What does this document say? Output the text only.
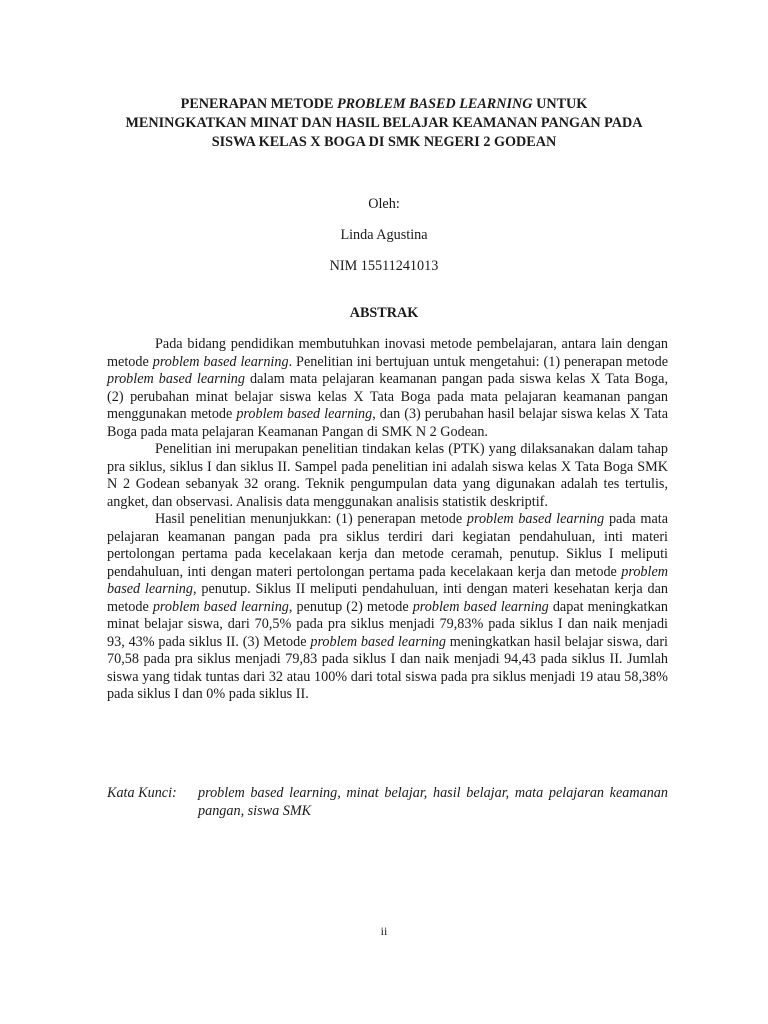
PENERAPAN METODE PROBLEM BASED LEARNING UNTUK
MENINGKATKAN MINAT DAN HASIL BELAJAR KEAMANAN PANGAN PADA
SISWA KELAS X BOGA DI SMK NEGERI 2 GODEAN
Oleh:
Linda Agustina
NIM 15511241013
ABSTRAK

Pada bidang pendidikan membutuhkan inovasi metode pembelajaran, antara lain dengan metode problem based learning. Penelitian ini bertujuan untuk mengetahui: (1) penerapan metode problem based learning dalam mata pelajaran keamanan pangan pada siswa kelas X Tata Boga, (2) perubahan minat belajar siswa kelas X Tata Boga pada mata pelajaran keamanan pangan menggunakan metode problem based learning, dan (3) perubahan hasil belajar siswa kelas X Tata Boga pada mata pelajaran Keamanan Pangan di SMK N 2 Godean.

Penelitian ini merupakan penelitian tindakan kelas (PTK) yang dilaksanakan dalam tahap pra siklus, siklus I dan siklus II. Sampel pada penelitian ini adalah siswa kelas X Tata Boga SMK N 2 Godean sebanyak 32 orang. Teknik pengumpulan data yang digunakan adalah tes tertulis, angket, dan observasi. Analisis data menggunakan analisis statistik deskriptif.

Hasil penelitian menunjukkan: (1) penerapan metode problem based learning pada mata pelajaran keamanan pangan pada pra siklus terdiri dari kegiatan pendahuluan, inti materi pertolongan pertama pada kecelakaan kerja dan metode ceramah, penutup. Siklus I meliputi pendahuluan, inti dengan materi pertolongan pertama pada kecelakaan kerja dan metode problem based learning, penutup. Siklus II meliputi pendahuluan, inti dengan materi kesehatan kerja dan metode problem based learning, penutup (2) metode problem based learning dapat meningkatkan minat belajar siswa, dari 70,5% pada pra siklus menjadi 79,83% pada siklus I dan naik menjadi 93, 43% pada siklus II. (3) Metode problem based learning meningkatkan hasil belajar siswa, dari 70,58 pada pra siklus menjadi 79,83 pada siklus I dan naik menjadi 94,43 pada siklus II. Jumlah siswa yang tidak tuntas dari 32 atau 100% dari total siswa pada pra siklus menjadi 19 atau 58,38% pada siklus I dan 0% pada siklus II.

Kata Kunci:	problem based learning, minat belajar, hasil belajar, mata pelajaran keamanan pangan, siswa SMK
ii
